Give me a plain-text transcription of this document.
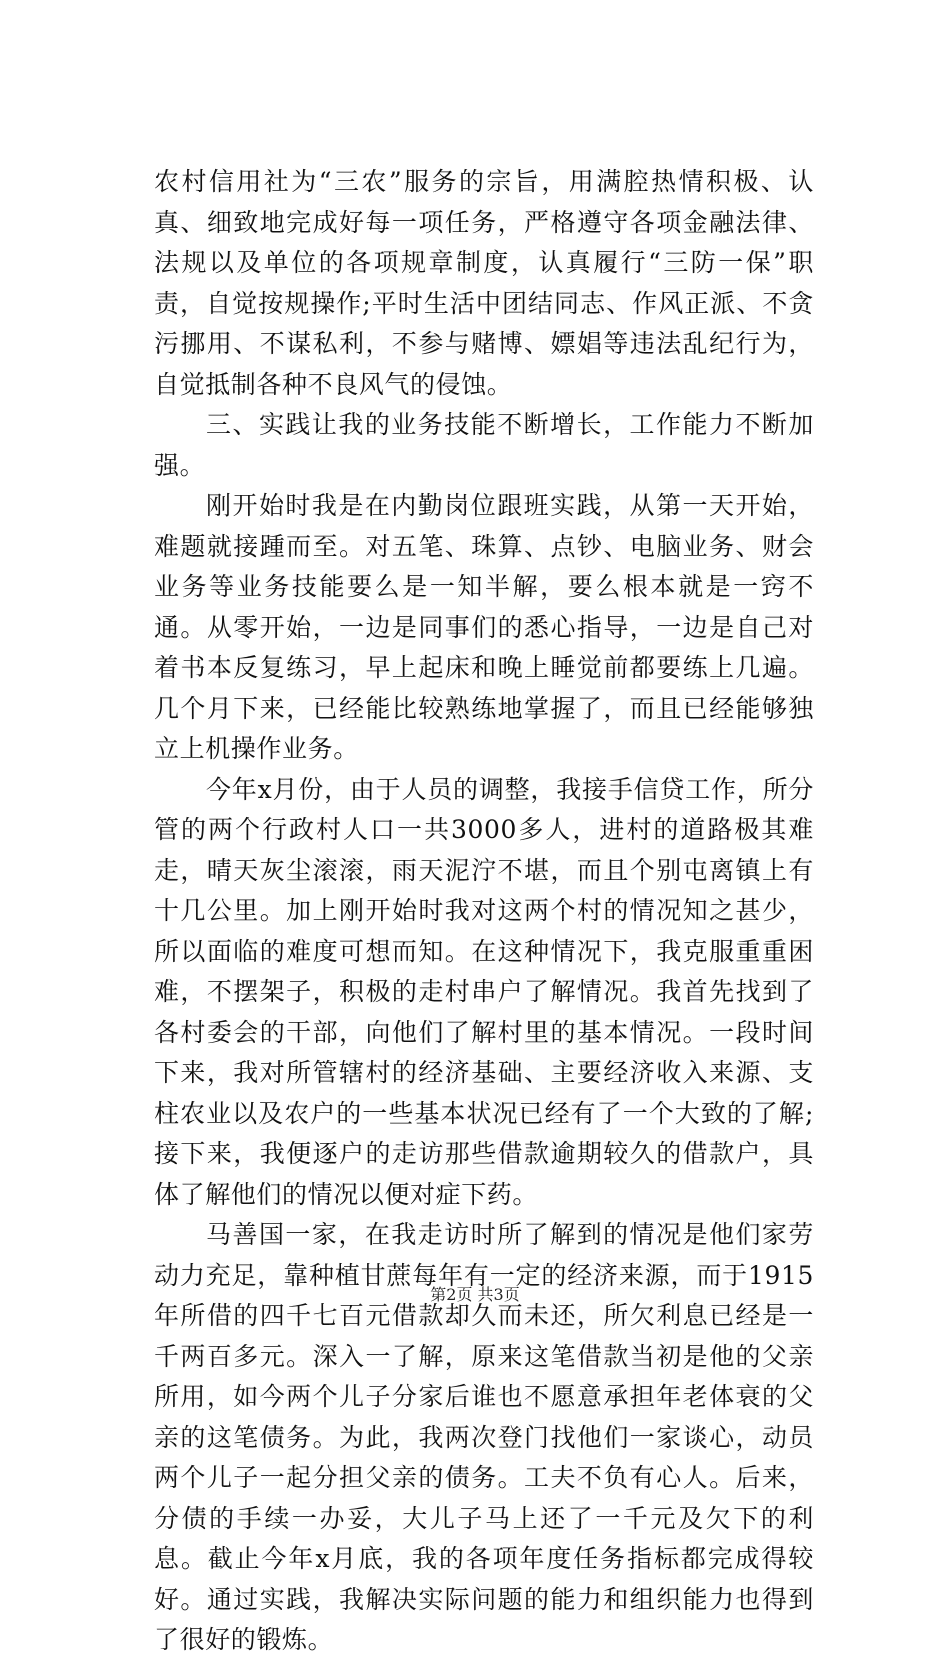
农村信用社为“三农”服务的宗旨，用满腔热情积极、认真、细致地完成好每一项任务，严格遵守各项金融法律、法规以及单位的各项规章制度，认真履行“三防一保”职责，自觉按规操作;平时生活中团结同志、作风正派、不贪污挪用、不谋私利，不参与赌博、嫖娼等违法乱纪行为，自觉抵制各种不良风气的侵蚀。

三、实践让我的业务技能不断增长，工作能力不断加强。

刚开始时我是在内勤岗位跟班实践，从第一天开始，难题就接踵而至。对五笔、珠算、点钞、电脑业务、财会业务等业务技能要么是一知半解，要么根本就是一窍不通。从零开始，一边是同事们的悉心指导，一边是自己对着书本反复练习，早上起床和晚上睡觉前都要练上几遍。几个月下来，已经能比较熟练地掌握了，而且已经能够独立上机操作业务。

今年x月份，由于人员的调整，我接手信贷工作，所分管的两个行政村人口一共3000多人，进村的道路极其难走，晴天灰尘滚滚，雨天泥泞不堪，而且个别屯离镇上有十几公里。加上刚开始时我对这两个村的情况知之甚少，所以面临的难度可想而知。在这种情况下，我克服重重困难，不摆架子，积极的走村串户了解情况。我首先找到了各村委会的干部，向他们了解村里的基本情况。一段时间下来，我对所管辖村的经济基础、主要经济收入来源、支柱农业以及农户的一些基本状况已经有了一个大致的了解;接下来，我便逐户的走访那些借款逾期较久的借款户，具体了解他们的情况以便对症下药。

马善国一家，在我走访时所了解到的情况是他们家劳动力充足，靠种植甘蔗每年有一定的经济来源，而于1915年所借的四千七百元借款却久而未还，所欠利息已经是一千两百多元。深入一了解，原来这笔借款当初是他的父亲所用，如今两个儿子分家后谁也不愿意承担年老体衰的父亲的这笔债务。为此，我两次登门找他们一家谈心，动员两个儿子一起分担父亲的债务。工夫不负有心人。后来，分债的手续一办妥，大儿子马上还了一千元及欠下的利息。截止今年x月底，我的各项年度任务指标都完成得较好。通过实践，我解决实际问题的能力和组织能力也得到了很好的锻炼。

第2页 共3页
